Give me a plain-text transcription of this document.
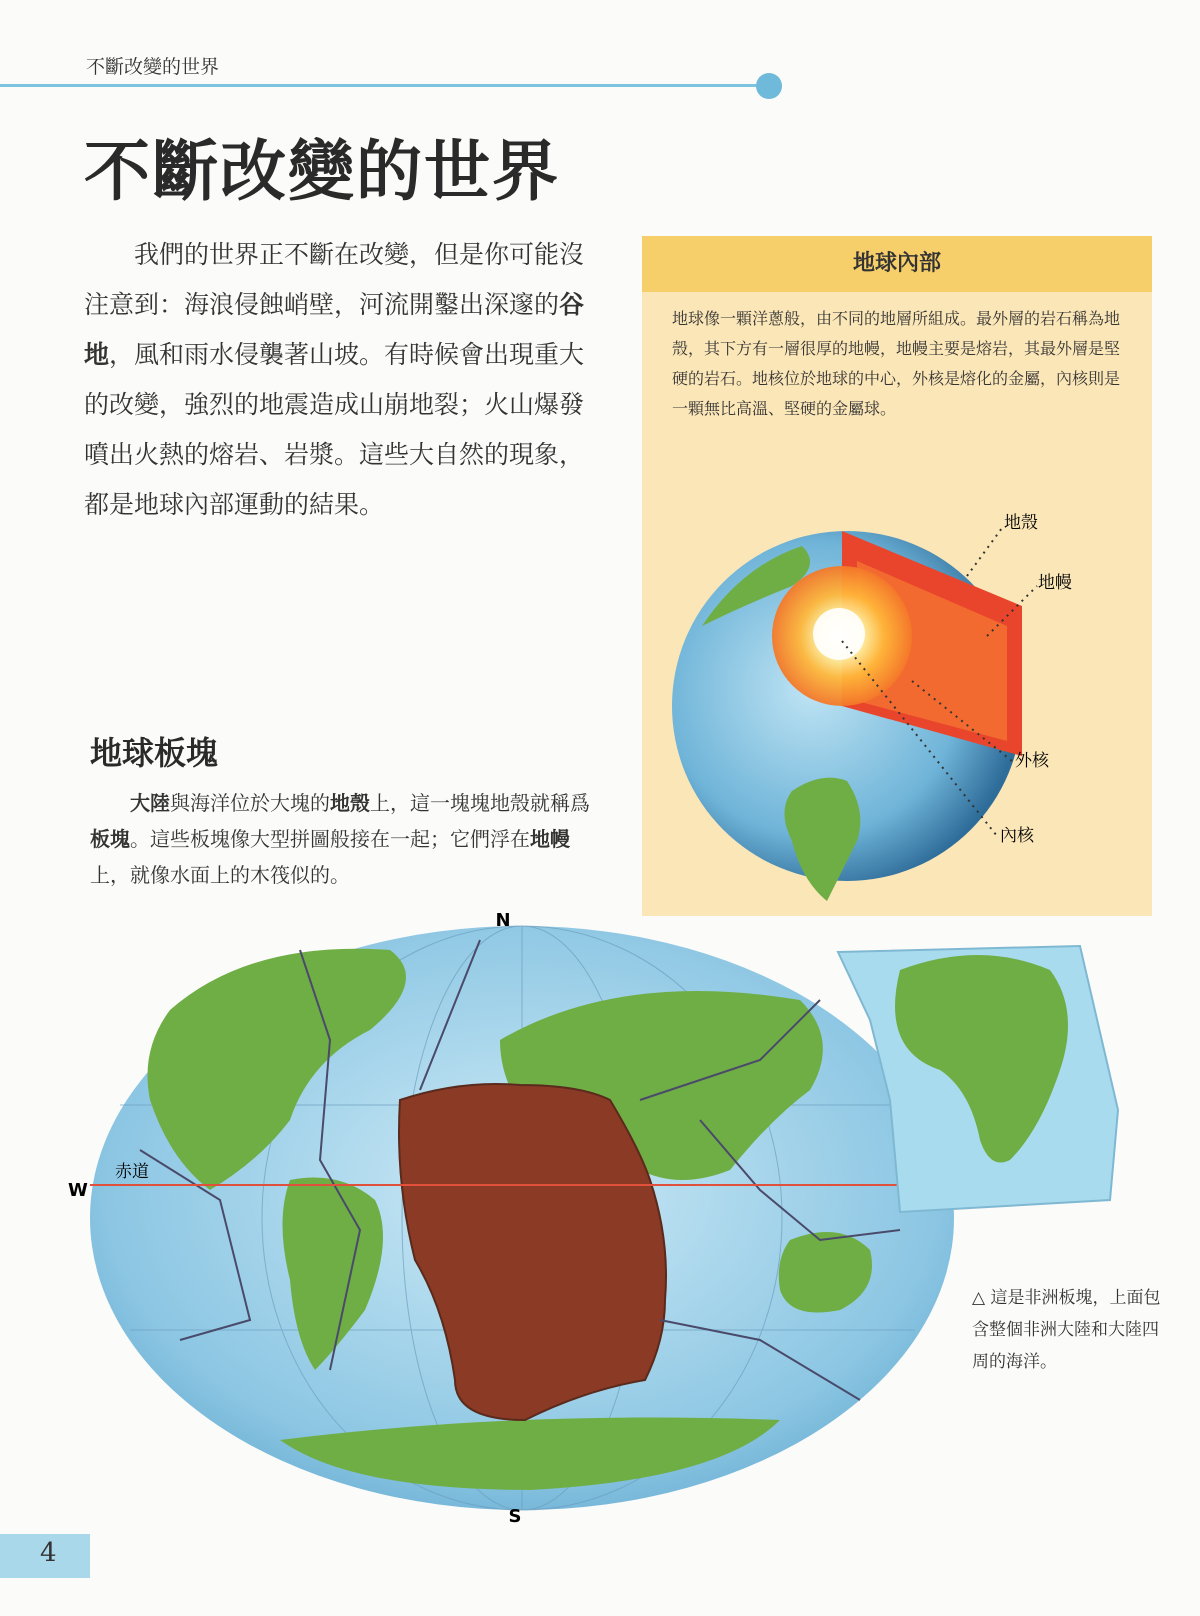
不斷改變的世界
不斷改變的世界
我們的世界正不斷在改變，但是你可能沒注意到：海浪侵蝕峭壁，河流開鑿出深邃的谷地，風和雨水侵襲著山坡。有時候會出現重大的改變，強烈的地震造成山崩地裂；火山爆發噴出火熱的熔岩、岩漿。這些大自然的現象，都是地球內部運動的結果。
地球內部
地球像一顆洋蔥般，由不同的地層所組成。最外層的岩石稱為地殼，其下方有一層很厚的地幔，地幔主要是熔岩，其最外層是堅硬的岩石。地核位於地球的中心，外核是熔化的金屬，內核則是一顆無比高溫、堅硬的金屬球。
地殼
地幔
外核
內核
地球板塊
大陸與海洋位於大塊的地殼上，這一塊塊地殼就稱爲板塊。這些板塊像大型拼圖般接在一起；它們浮在地幔上，就像水面上的木筏似的。
赤道
N
S
W
△ 這是非洲板塊，上面包含整個非洲大陸和大陸四周的海洋。
4
